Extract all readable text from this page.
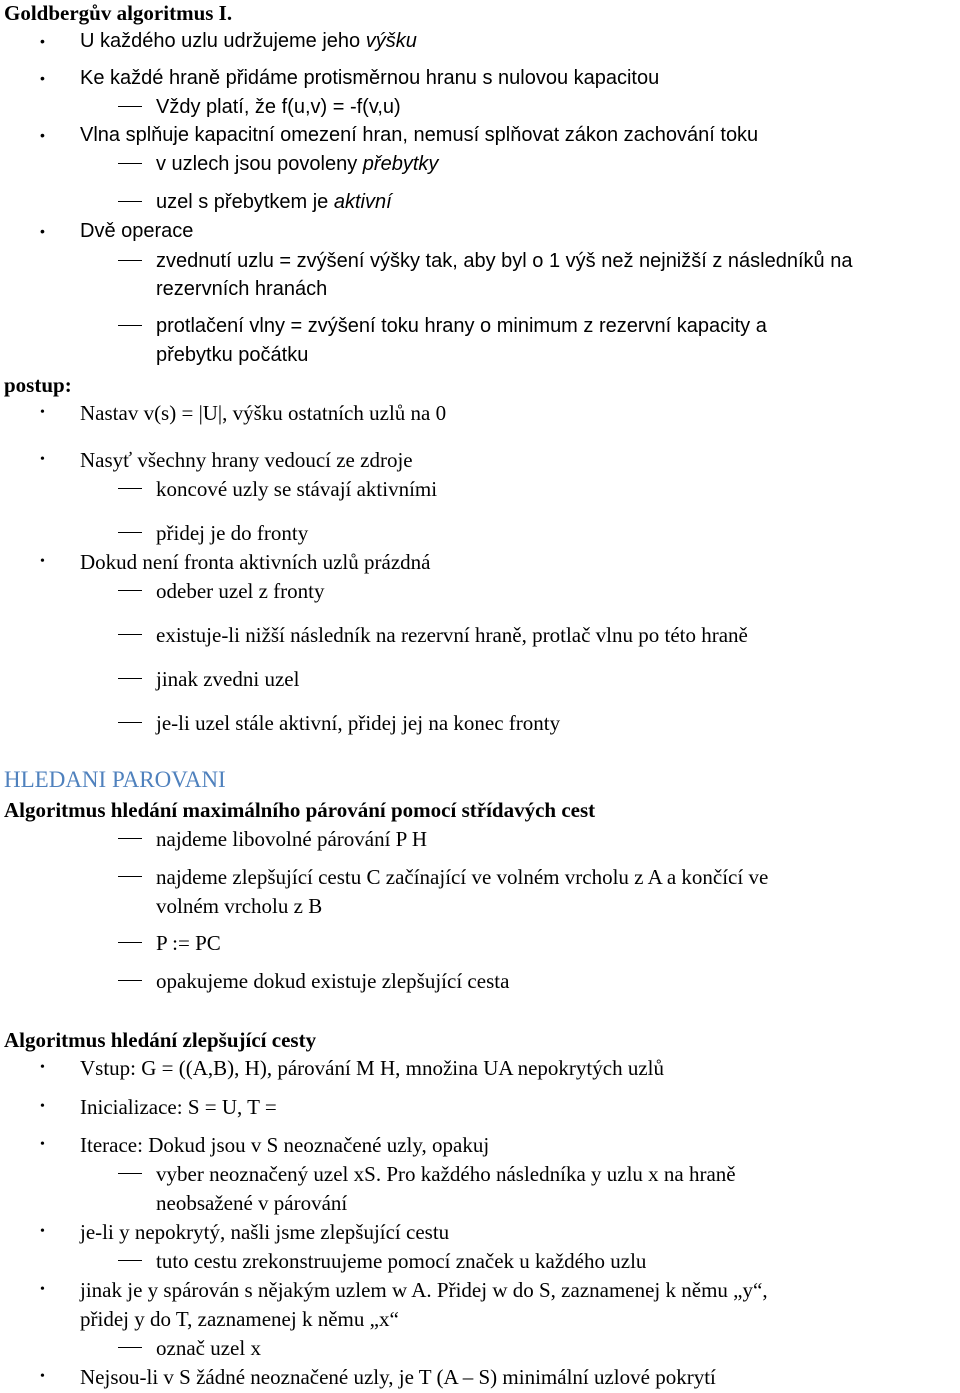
Goldbergův algoritmus I.
• U každého uzlu udržujeme jeho výšku
• Ke každé hraně přidáme protisměrnou hranu s nulovou kapacitou
Vždy platí, že f(u,v) = -f(v,u)
• Vlna splňuje kapacitní omezení hran, nemusí splňovat zákon zachování toku
v uzlech jsou povoleny přebytky
uzel s přebytkem je aktivní
• Dvě operace
zvednutí uzlu = zvýšení výšky tak, aby byl o 1 výš než nejnižší z následníků na
rezervních hranách
protlačení vlny = zvýšení toku hrany o minimum z rezervní kapacity a
přebytku počátku
postup:
• Nastav v(s) = |U|, výšku ostatních uzlů na 0
• Nasyť všechny hrany vedoucí ze zdroje
koncové uzly se stávají aktivními
přidej je do fronty
• Dokud není fronta aktivních uzlů prázdná
odeber uzel z fronty
existuje-li nižší následník na rezervní hraně, protlač vlnu po této hraně
jinak zvedni uzel
je-li uzel stále aktivní, přidej jej na konec fronty
HLEDANI PAROVANI
Algoritmus hledání maximálního párování pomocí střídavých cest
najdeme libovolné párování P H
najdeme zlepšující cestu C začínající ve volném vrcholu z A a končící ve
volném vrcholu z B
P := PC
opakujeme dokud existuje zlepšující cesta
Algoritmus hledání zlepšující cesty
• Vstup: G = ((A,B), H), párování M H, množina UA nepokrytých uzlů
• Inicializace: S = U, T =
• Iterace: Dokud jsou v S neoznačené uzly, opakuj
vyber neoznačený uzel xS. Pro každého následníka y uzlu x na hraně
neobsažené v párování
• je-li y nepokrytý, našli jsme zlepšující cestu
tuto cestu zrekonstruujeme pomocí značek u každého uzlu
• jinak je y spárován s nějakým uzlem w A. Přidej w do S, zaznamenej k němu „y“,
přidej y do T, zaznamenej k němu „x“
označ uzel x
• Nejsou-li v S žádné neoznačené uzly, je T (A – S) minimální uzlové pokrytí
